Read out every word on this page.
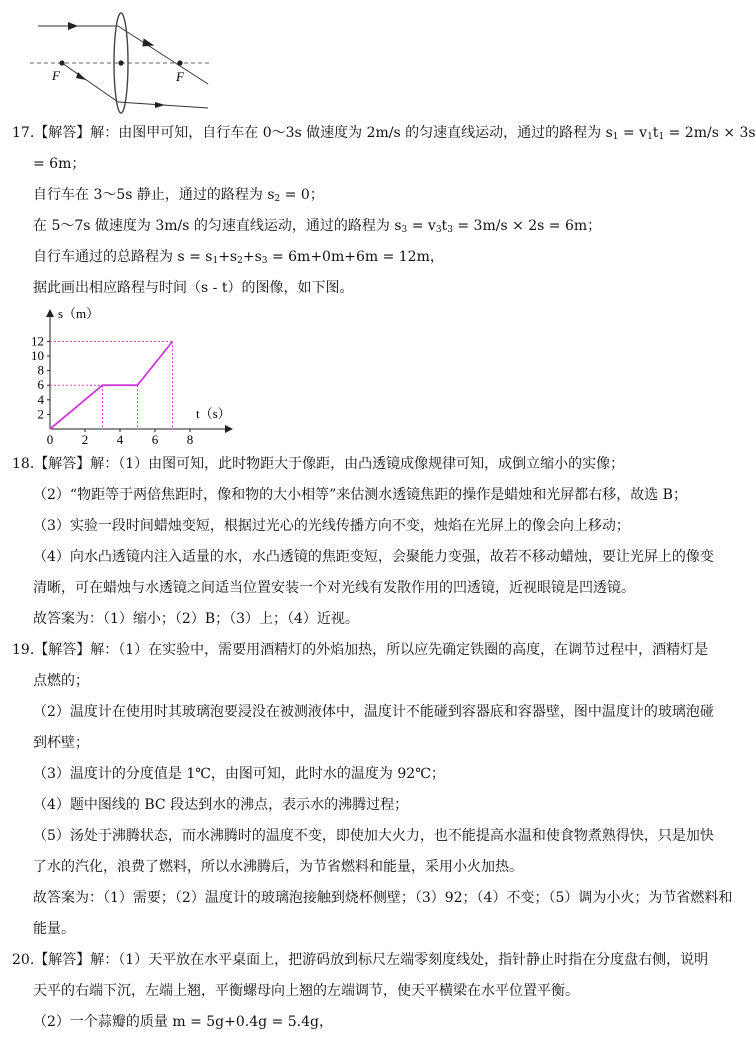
F	F
17.【解答】解：由图甲可知，自行车在 0～3s 做速度为 2m/s 的匀速直线运动，通过的路程为 $s_1 = v_1t_1 = 2m/s \times 3s$
= 6m；
自行车在 3～5s 静止，通过的路程为 $s_2 = 0$；
在 5～7s 做速度为 3m/s 的匀速直线运动，通过的路程为 $s_3 = v_3t_3 = 3m/s \times 2s = 6m$；
自行车通过的总路程为 $s = s_1+s_2+s_3 = 6m+0m+6m = 12m$，
据此画出相应路程与时间（s - t）的图像，如下图。
s（m）
t（s）
2
4
6
8
10
12
0 2 4 6 8
18.【解答】解：（1）由图可知，此时物距大于像距，由凸透镜成像规律可知，成倒立缩小的实像；
（2）“物距等于两倍焦距时，像和物的大小相等”来估测水透镜焦距的操作是蜡烛和光屏都右移，故选 B；
（3）实验一段时间蜡烛变短，根据过光心的光线传播方向不变，烛焰在光屏上的像会向上移动；
（4）向水凸透镜内注入适量的水，水凸透镜的焦距变短，会聚能力变强，故若不移动蜡烛，要让光屏上的像变
清晰，可在蜡烛与水透镜之间适当位置安装一个对光线有发散作用的凹透镜，近视眼镜是凹透镜。
故答案为：（1）缩小；（2）B；（3）上；（4）近视。
19.【解答】解：（1）在实验中，需要用酒精灯的外焰加热，所以应先确定铁圈的高度，在调节过程中，酒精灯是
点燃的；
（2）温度计在使用时其玻璃泡要浸没在被测液体中，温度计不能碰到容器底和容器壁，图中温度计的玻璃泡碰
到杯壁；
（3）温度计的分度值是 1℃，由图可知，此时水的温度为 92℃；
（4）题中图线的 BC 段达到水的沸点，表示水的沸腾过程；
（5）汤处于沸腾状态，而水沸腾时的温度不变，即使加大火力，也不能提高水温和使食物煮熟得快，只是加快
了水的汽化，浪费了燃料，所以水沸腾后，为节省燃料和能量，采用小火加热。
故答案为：（1）需要；（2）温度计的玻璃泡接触到烧杯侧壁；（3）92；（4）不变；（5）调为小火；为节省燃料和
能量。
20.【解答】解：（1）天平放在水平桌面上，把游码放到标尺左端零刻度线处，指针静止时指在分度盘右侧，说明
天平的右端下沉，左端上翘，平衡螺母向上翘的左端调节，使天平横梁在水平位置平衡。
（2）一个蒜瓣的质量 m = 5g+0.4g = 5.4g，
